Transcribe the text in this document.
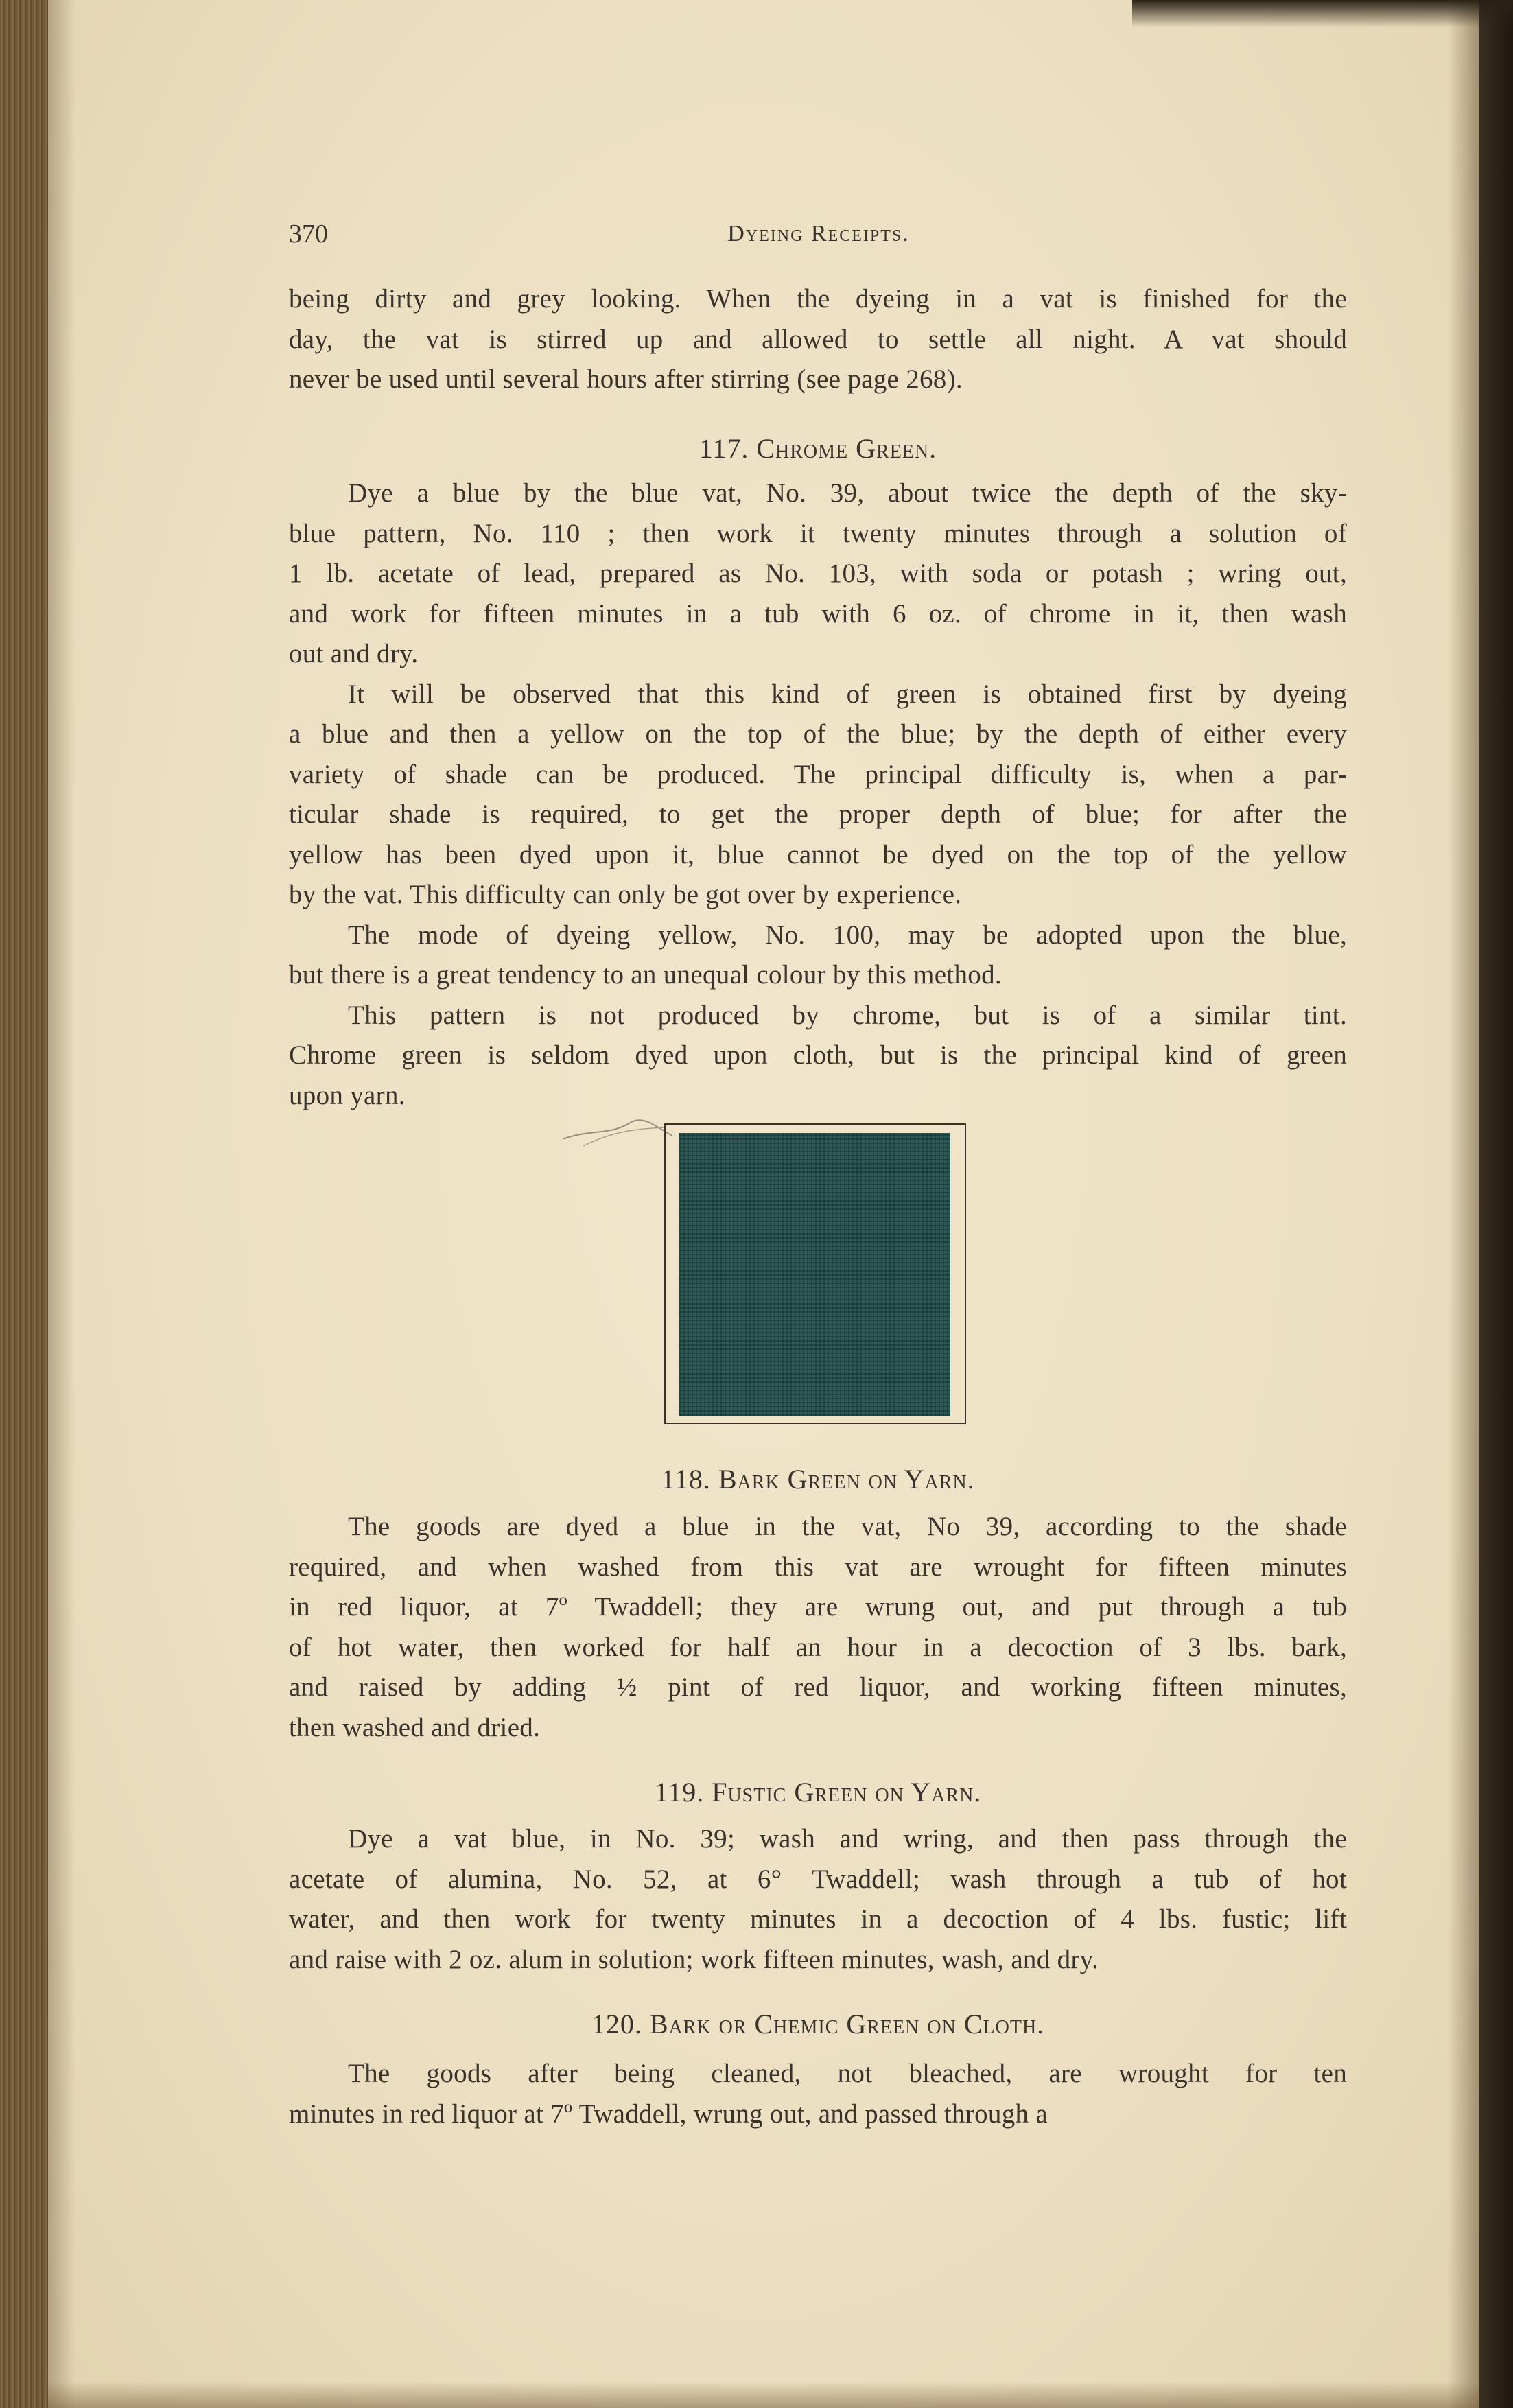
370	Dyeing Receipts.
being dirty and grey looking. When the dyeing in a vat is finished for the
day, the vat is stirred up and allowed to settle all night. A vat should
never be used until several hours after stirring (see page 268).
117. Chrome Green.
Dye a blue by the blue vat, No. 39, about twice the depth of the sky-
blue pattern, No. 110 ; then work it twenty minutes through a solution of
1 lb. acetate of lead, prepared as No. 103, with soda or potash ; wring out,
and work for fifteen minutes in a tub with 6 oz. of chrome in it, then wash
out and dry.
It will be observed that this kind of green is obtained first by dyeing
a blue and then a yellow on the top of the blue; by the depth of either every
variety of shade can be produced. The principal difficulty is, when a par-
ticular shade is required, to get the proper depth of blue; for after the
yellow has been dyed upon it, blue cannot be dyed on the top of the yellow
by the vat. This difficulty can only be got over by experience.
The mode of dyeing yellow, No. 100, may be adopted upon the blue,
but there is a great tendency to an unequal colour by this method.
This pattern is not produced by chrome, but is of a similar tint.
Chrome green is seldom dyed upon cloth, but is the principal kind of green
upon yarn.
118. Bark Green on Yarn.
The goods are dyed a blue in the vat, No 39, according to the shade
required, and when washed from this vat are wrought for fifteen minutes
in red liquor, at 7º Twaddell; they are wrung out, and put through a tub
of hot water, then worked for half an hour in a decoction of 3 lbs. bark,
and raised by adding ½ pint of red liquor, and working fifteen minutes,
then washed and dried.
119. Fustic Green on Yarn.
Dye a vat blue, in No. 39; wash and wring, and then pass through the
acetate of alumina, No. 52, at 6° Twaddell; wash through a tub of hot
water, and then work for twenty minutes in a decoction of 4 lbs. fustic; lift
and raise with 2 oz. alum in solution; work fifteen minutes, wash, and dry.
120. Bark or Chemic Green on Cloth.
The goods after being cleaned, not bleached, are wrought for ten
minutes in red liquor at 7º Twaddell, wrung out, and passed through a
